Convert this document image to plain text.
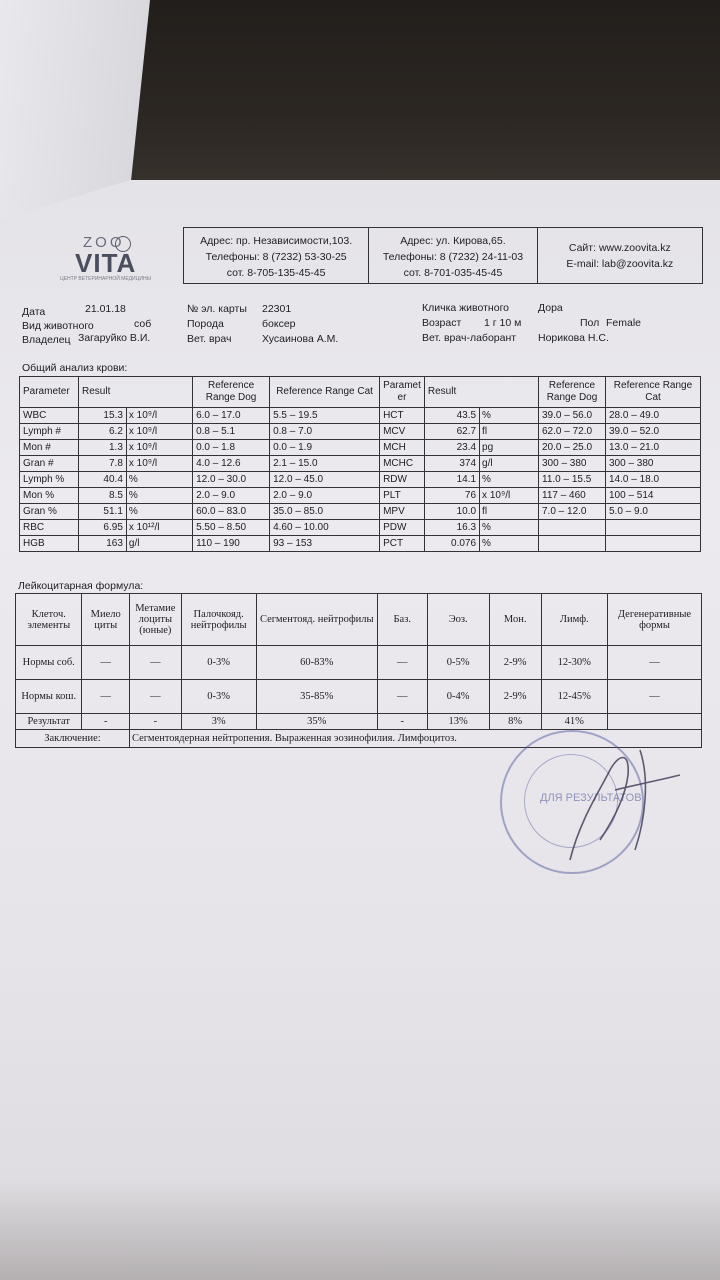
ZOO
VITA
ЦЕНТР ВЕТЕРИНАРНОЙ МЕДИЦИНЫ
Адрес: пр. Независимости,103.
Телефоны: 8 (7232) 53-30-25
сот. 8-705-135-45-45
Адрес: ул. Кирова,65.
Телефоны: 8 (7232) 24-11-03
сот. 8-701-035-45-45
Сайт: www.zoovita.kz
E-mail: lab@zoovita.kz
Дата	21.01.18
Вид животного	соб
Владелец Загаруйко В.И.
№ эл. карты 22301
Порода	боксер
Вет. врач	Хусаинова А.М.
Кличка животного	Дора
Возраст 1 г 10 м	Пол Female
Вет. врач-лаборант Норикова Н.С.
Общий анализ крови:
Parameter	Result		Reference Range Dog	Reference Range Cat	Paramet er	Result		Reference Range Dog	Reference Range Cat
WBC	15.3	x 10⁹/l	6.0 – 17.0	5.5 – 19.5	HCT	43.5	%	39.0 – 56.0	28.0 – 49.0
Lymph #	6.2	x 10⁹/l	0.8 – 5.1	0.8 – 7.0	MCV	62.7	fl	62.0 – 72.0	39.0 – 52.0
Mon #	1.3	x 10⁹/l	0.0 – 1.8	0.0 – 1.9	MCH	23.4	pg	20.0 – 25.0	13.0 – 21.0
Gran #	7.8	x 10⁹/l	4.0 – 12.6	2.1 – 15.0	MCHC	374	g/l	300 – 380	300 – 380
Lymph %	40.4	%	12.0 – 30.0	12.0 – 45.0	RDW	14.1	%	11.0 – 15.5	14.0 – 18.0
Mon %	8.5	%	2.0 – 9.0	2.0 – 9.0	PLT	76	x 10⁹/l	117 – 460	100 – 514
Gran %	51.1	%	60.0 – 83.0	35.0 – 85.0	MPV	10.0	fl	7.0 – 12.0	5.0 – 9.0
RBC	6.95	x 10¹²/l	5.50 – 8.50	4.60 – 10.00	PDW	16.3	%		
HGB	163	g/l	110 – 190	93 – 153	PCT	0.076	%		
Лейкоцитарная формула:
Клеточ. элементы	Миело циты	Метамие лоциты (юные)	Палочкояд. нейтрофилы	Сегментояд. нейтрофилы	Баз.	Эоз.	Мон.	Лимф.	Дегенеративные формы
Нормы соб.	—	—	0-3%	60-83%	—	0-5%	2-9%	12-30%	—
Нормы кош.	—	—	0-3%	35-85%	—	0-4%	2-9%	12-45%	—
Результат	-	-	3%	35%	-	13%	8%	41%	
Заключение:		Сегментоядерная нейтропения. Выраженная эозинофилия. Лимфоцитоз.							
ДЛЯ РЕЗУЛЬТАТОВ
